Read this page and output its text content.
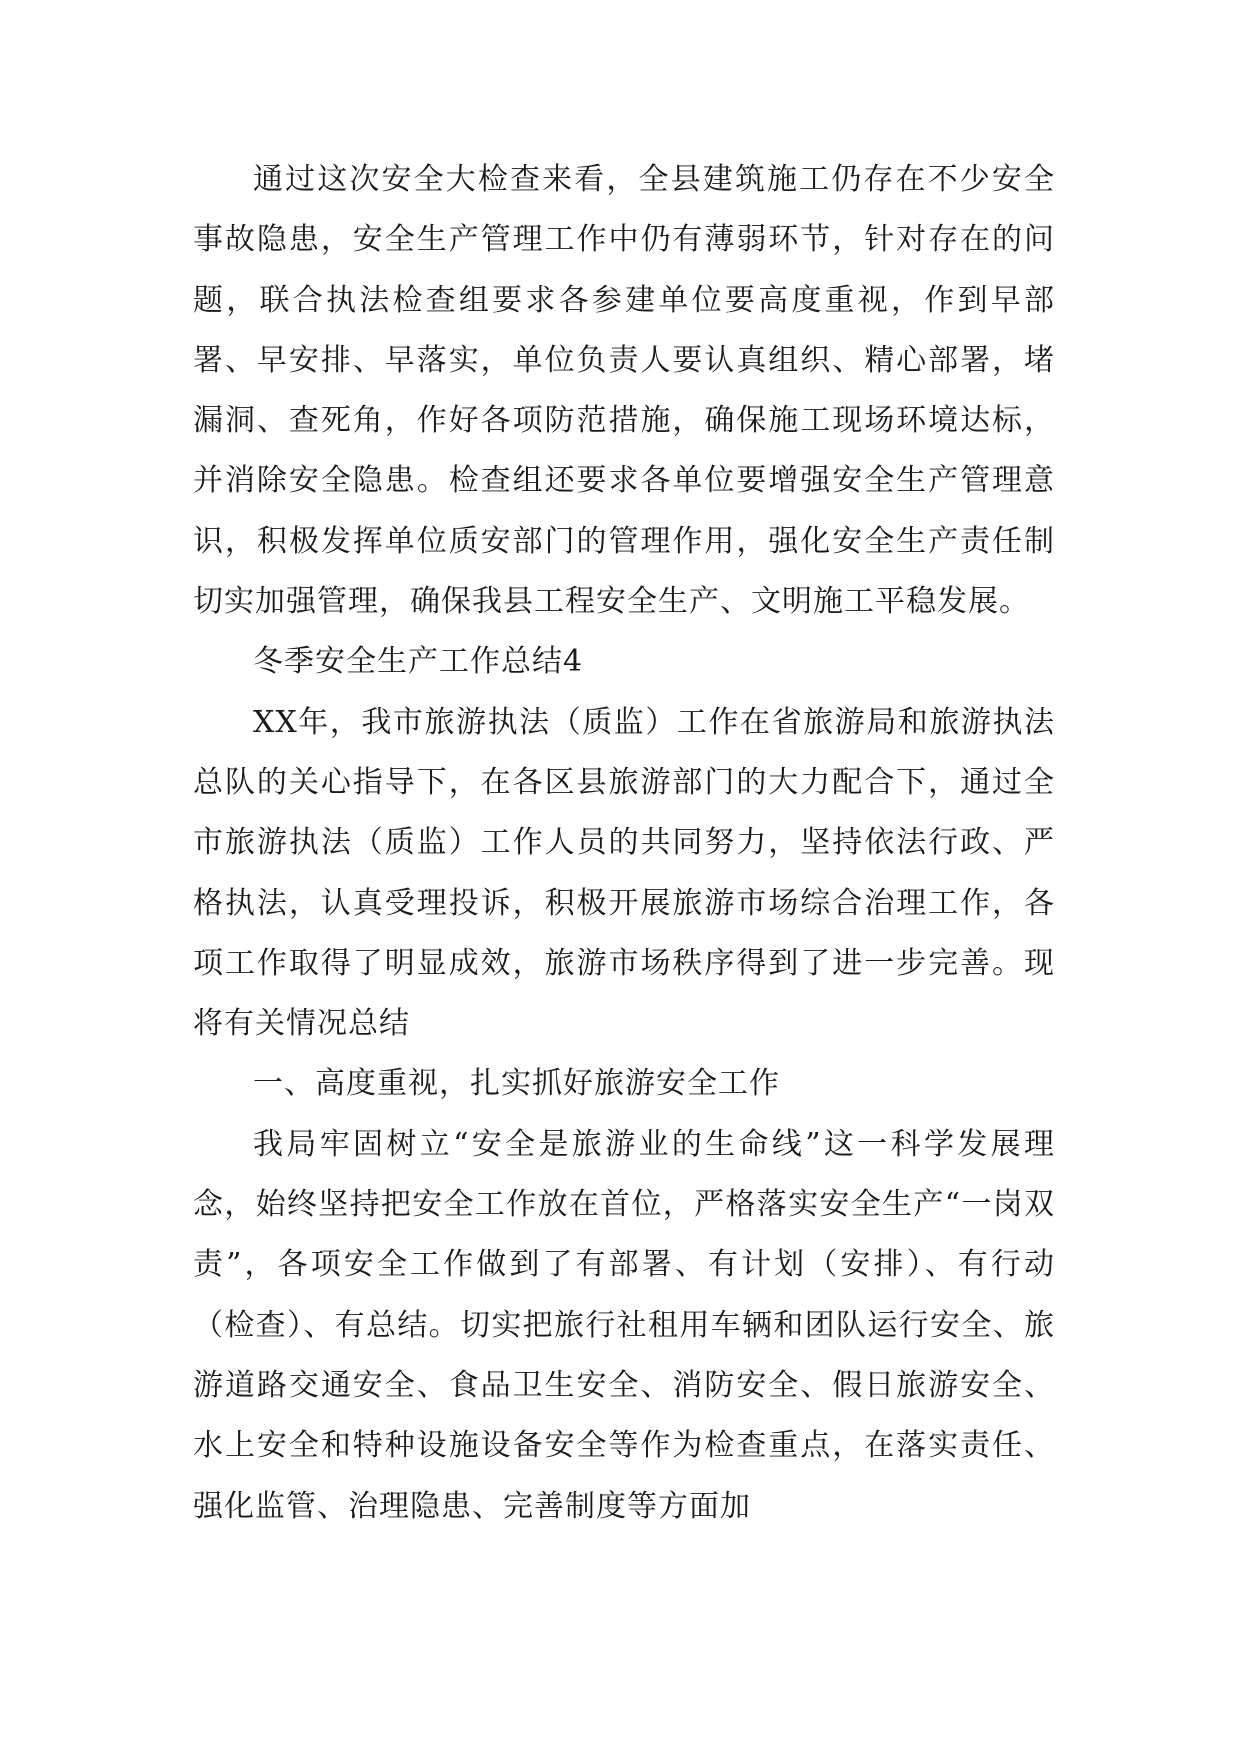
通过这次安全大检查来看，全县建筑施工仍存在不少安全事故隐患，安全生产管理工作中仍有薄弱环节，针对存在的问题，联合执法检查组要求各参建单位要高度重视，作到早部署、早安排、早落实，单位负责人要认真组织、精心部署，堵漏洞、查死角，作好各项防范措施，确保施工现场环境达标，并消除安全隐患。检查组还要求各单位要增强安全生产管理意识，积极发挥单位质安部门的管理作用，强化安全生产责任制切实加强管理，确保我县工程安全生产、文明施工平稳发展。

冬季安全生产工作总结4

XX年，我市旅游执法（质监）工作在省旅游局和旅游执法总队的关心指导下，在各区县旅游部门的大力配合下，通过全市旅游执法（质监）工作人员的共同努力，坚持依法行政、严格执法，认真受理投诉，积极开展旅游市场综合治理工作，各项工作取得了明显成效，旅游市场秩序得到了进一步完善。现将有关情况总结

一、高度重视，扎实抓好旅游安全工作

我局牢固树立“安全是旅游业的生命线”这一科学发展理念，始终坚持把安全工作放在首位，严格落实安全生产“一岗双责”，各项安全工作做到了有部署、有计划（安排）、有行动（检查）、有总结。切实把旅行社租用车辆和团队运行安全、旅游道路交通安全、食品卫生安全、消防安全、假日旅游安全、水上安全和特种设施设备安全等作为检查重点，在落实责任、强化监管、治理隐患、完善制度等方面加
